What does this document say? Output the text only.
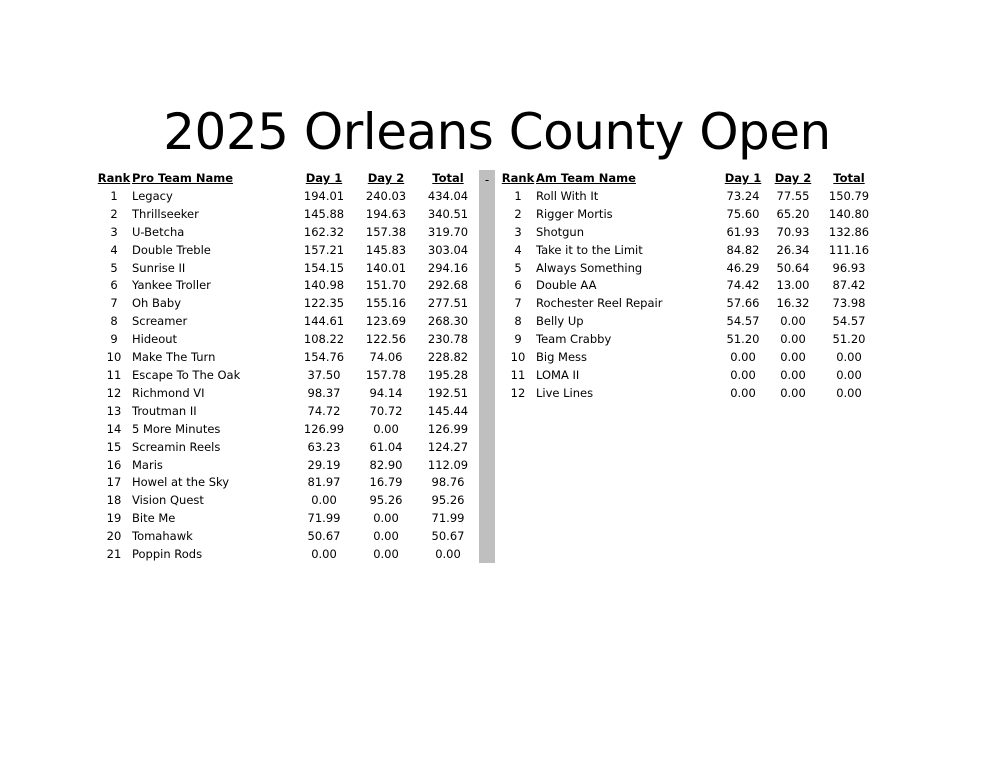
2025 Orleans County Open
Rank	Pro Team Name	Day 1	Day 2	Total
1	Legacy	194.01	240.03	434.04
2	Thrillseeker	145.88	194.63	340.51
3	U-Betcha	162.32	157.38	319.70
4	Double Treble	157.21	145.83	303.04
5	Sunrise II	154.15	140.01	294.16
6	Yankee Troller	140.98	151.70	292.68
7	Oh Baby	122.35	155.16	277.51
8	Screamer	144.61	123.69	268.30
9	Hideout	108.22	122.56	230.78
10	Make The Turn	154.76	74.06	228.82
11	Escape To The Oak	37.50	157.78	195.28
12	Richmond VI	98.37	94.14	192.51
13	Troutman II	74.72	70.72	145.44
14	5 More Minutes	126.99	0.00	126.99
15	Screamin Reels	63.23	61.04	124.27
16	Maris	29.19	82.90	112.09
17	Howel at the Sky	81.97	16.79	98.76
18	Vision Quest	0.00	95.26	95.26
19	Bite Me	71.99	0.00	71.99
20	Tomahawk	50.67	0.00	50.67
21	Poppin Rods	0.00	0.00	0.00
-	Rank	Am Team Name	Day 1	Day 2	Total
1	Roll With It	73.24	77.55	150.79
2	Rigger Mortis	75.60	65.20	140.80
3	Shotgun	61.93	70.93	132.86
4	Take it to the Limit	84.82	26.34	111.16
5	Always Something	46.29	50.64	96.93
6	Double AA	74.42	13.00	87.42
7	Rochester Reel Repair	57.66	16.32	73.98
8	Belly Up	54.57	0.00	54.57
9	Team Crabby	51.20	0.00	51.20
10	Big Mess	0.00	0.00	0.00
11	LOMA II	0.00	0.00	0.00
12	Live Lines	0.00	0.00	0.00
